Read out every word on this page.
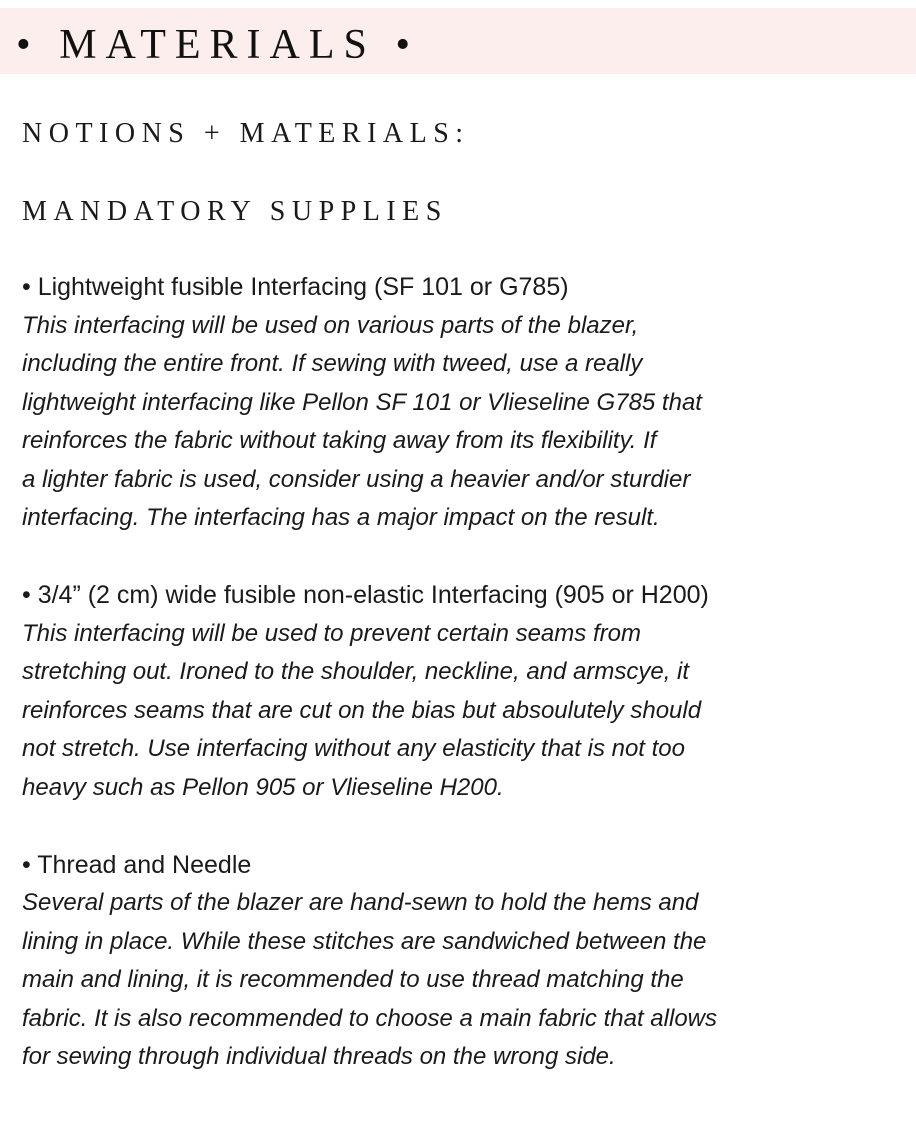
• MATERIALS •
NOTIONS + MATERIALS:
MANDATORY SUPPLIES

• Lightweight fusible Interfacing (SF 101 or G785)

This interfacing will be used on various parts of the blazer,
including the entire front. If sewing with tweed, use a really
lightweight interfacing like Pellon SF 101 or Vlieseline G785 that
reinforces the fabric without taking away from its flexibility. If
a lighter fabric is used, consider using a heavier and/or sturdier
interfacing. The interfacing has a major impact on the result.

• 3/4” (2 cm) wide fusible non-elastic Interfacing (905 or H200)

This interfacing will be used to prevent certain seams from
stretching out. Ironed to the shoulder, neckline, and armscye, it
reinforces seams that are cut on the bias but absoulutely should
not stretch. Use interfacing without any elasticity that is not too
heavy such as Pellon 905 or Vlieseline H200.

• Thread and Needle

Several parts of the blazer are hand-sewn to hold the hems and
lining in place. While these stitches are sandwiched between the
main and lining, it is recommended to use thread matching the
fabric. It is also recommended to choose a main fabric that allows
for sewing through individual threads on the wrong side.
